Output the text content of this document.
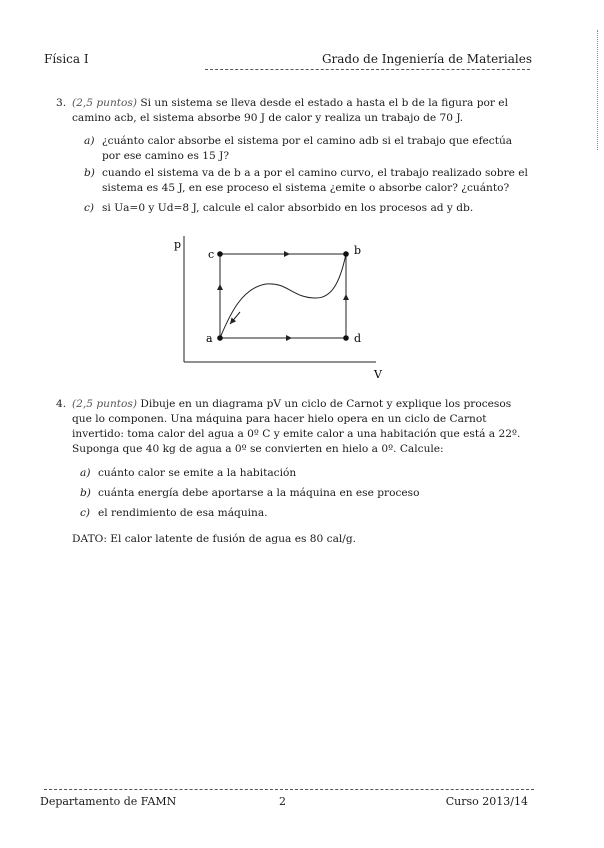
Física I	Grado de Ingeniería de Materiales
3. (2,5 puntos) Si un sistema se lleva desde el estado a hasta el b de la figura por el camino acb, el sistema absorbe 90 J de calor y realiza un trabajo de 70 J.
a) ¿cuánto calor absorbe el sistema por el camino adb si el trabajo que efectúa por ese camino es 15 J?
b) cuando el sistema va de b a a por el camino curvo, el trabajo realizado sobre el sistema es 45 J, en ese proceso el sistema ¿emite o absorbe calor? ¿cuánto?
c) si Ua=0 y Ud=8 J, calcule el calor absorbido en los procesos ad y db.
p
V
c	b
a	d
4. (2,5 puntos) Dibuje en un diagrama pV un ciclo de Carnot y explique los procesos que lo componen. Una máquina para hacer hielo opera en un ciclo de Carnot invertido: toma calor del agua a 0º C y emite calor a una habitación que está a 22º. Suponga que 40 kg de agua a 0º se convierten en hielo a 0º. Calcule:
a) cuánto calor se emite a la habitación
b) cuánta energía debe aportarse a la máquina en ese proceso
c) el rendimiento de esa máquina.
DATO: El calor latente de fusión de agua es 80 cal/g.
Departamento de FAMN	2	Curso 2013/14
